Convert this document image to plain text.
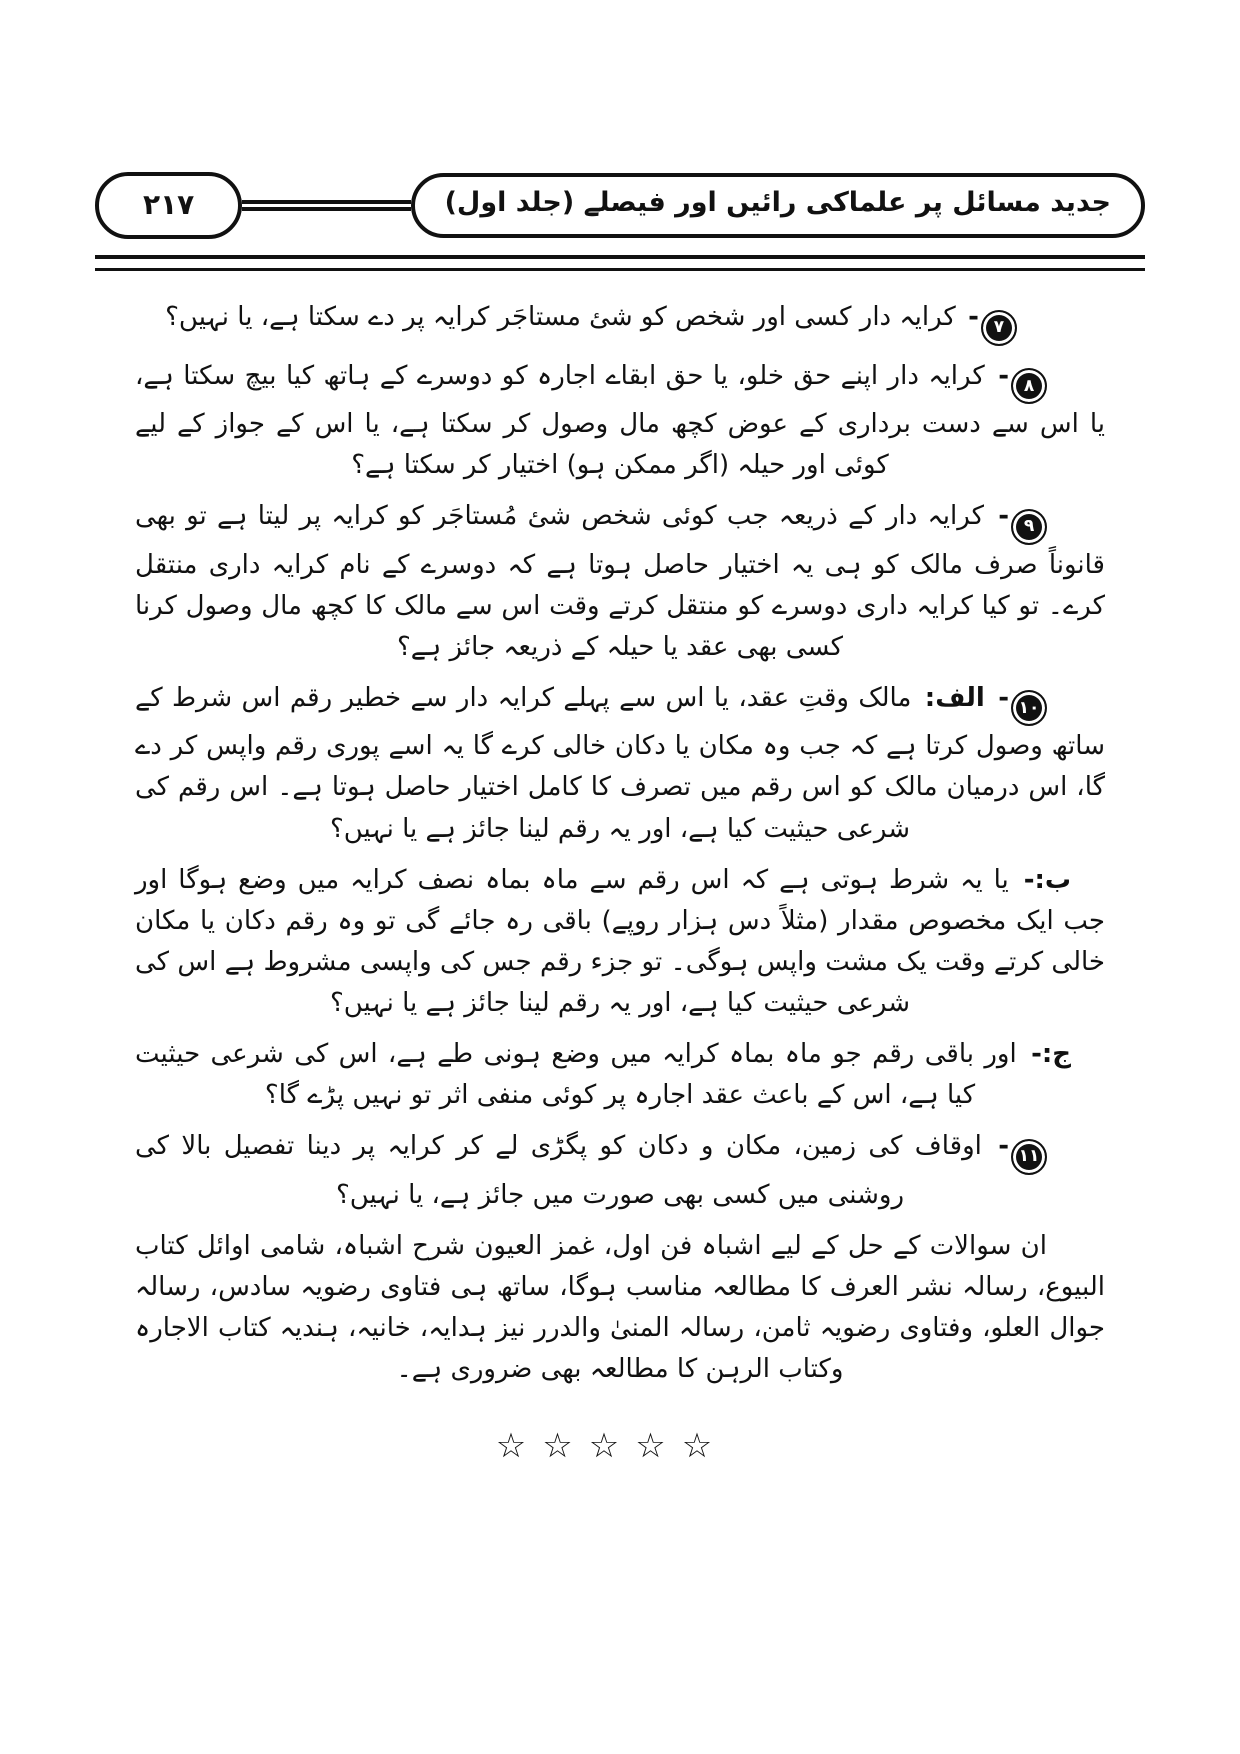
جدید مسائل پر علماکی رائیں اور فیصلے (جلد اول)
۲۱۷

۷- کرایہ دار کسی اور شخص کو شئ مستاجَر کرایہ پر دے سکتا ہے، یا نہیں؟

۸- کرایہ دار اپنے حق خلو، یا حق ابقاے اجارہ کو دوسرے کے ہاتھ کیا بیچ سکتا ہے، یا اس سے دست برداری کے عوض کچھ مال وصول کر سکتا ہے، یا اس کے جواز کے لیے کوئی اور حیلہ (اگر ممکن ہو) اختیار کر سکتا ہے؟

۹- کرایہ دار کے ذریعہ جب کوئی شخص شئ مُستاجَر کو کرایہ پر لیتا ہے تو بھی قانوناً صرف مالک کو ہی یہ اختیار حاصل ہوتا ہے کہ دوسرے کے نام کرایہ داری منتقل کرے۔ تو کیا کرایہ داری دوسرے کو منتقل کرتے وقت اس سے مالک کا کچھ مال وصول کرنا کسی بھی عقد یا حیلہ کے ذریعہ جائز ہے؟

۱۰- الف: مالک وقتِ عقد، یا اس سے پہلے کرایہ دار سے خطیر رقم اس شرط کے ساتھ وصول کرتا ہے کہ جب وہ مکان یا دکان خالی کرے گا یہ اسے پوری رقم واپس کر دے گا، اس درمیان مالک کو اس رقم میں تصرف کا کامل اختیار حاصل ہوتا ہے۔ اس رقم کی شرعی حیثیت کیا ہے، اور یہ رقم لینا جائز ہے یا نہیں؟

ب:- یا یہ شرط ہوتی ہے کہ اس رقم سے ماہ بماہ نصف کرایہ میں وضع ہوگا اور جب ایک مخصوص مقدار (مثلاً دس ہزار روپے) باقی رہ جائے گی تو وہ رقم دکان یا مکان خالی کرتے وقت یک مشت واپس ہوگی۔ تو جزء رقم جس کی واپسی مشروط ہے اس کی شرعی حیثیت کیا ہے، اور یہ رقم لینا جائز ہے یا نہیں؟

ج:- اور باقی رقم جو ماہ بماہ کرایہ میں وضع ہونی طے ہے، اس کی شرعی حیثیت کیا ہے، اس کے باعث عقد اجارہ پر کوئی منفی اثر تو نہیں پڑے گا؟

۱۱- اوقاف کی زمین، مکان و دکان کو پگڑی لے کر کرایہ پر دینا تفصیل بالا کی روشنی میں کسی بھی صورت میں جائز ہے، یا نہیں؟

ان سوالات کے حل کے لیے اشباہ فن اول، غمز العیون شرح اشباہ، شامی اوائل کتاب البیوع، رسالہ نشر العرف کا مطالعہ مناسب ہوگا، ساتھ ہی فتاوی رضویہ سادس، رسالہ جوال العلو، وفتاوی رضویہ ثامن، رسالہ المنیٰ والدرر نیز ہدایہ، خانیہ، ہندیہ کتاب الاجارہ وکتاب الرہن کا مطالعہ بھی ضروری ہے۔

☆☆☆☆☆
